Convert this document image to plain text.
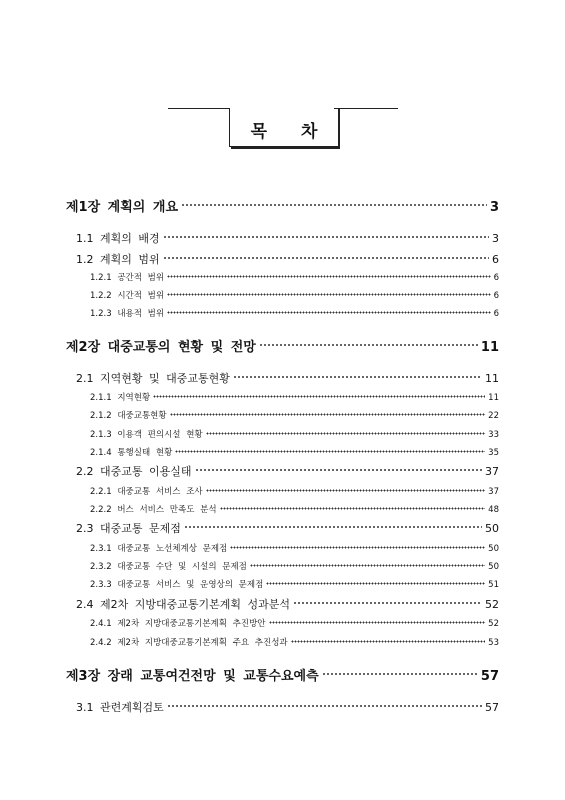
목 차
제1장 계획의 개요	3
1.1 계획의 배경	3
1.2 계획의 범위	6
1.2.1 공간적 범위	6
1.2.2 시간적 범위	6
1.2.3 내용적 범위	6
제2장 대중교통의 현황 및 전망	11
2.1 지역현황 및 대중교통현황	11
2.1.1 지역현황	11
2.1.2 대중교통현황	22
2.1.3 이용객 편의시설 현황	33
2.1.4 통행실태 현황	35
2.2 대중교통 이용실태	37
2.2.1 대중교통 서비스 조사	37
2.2.2 버스 서비스 만족도 분석	48
2.3 대중교통 문제점	50
2.3.1 대중교통 노선체계상 문제점	50
2.3.2 대중교통 수단 및 시설의 문제점	50
2.3.3 대중교통 서비스 및 운영상의 문제점	51
2.4 제2차 지방대중교통기본계획 성과분석	52
2.4.1 제2차 지방대중교통기본계획 추진방안	52
2.4.2 제2차 지방대중교통기본계획 주요 추진성과	53
제3장 장래 교통여건전망 및 교통수요예측	57
3.1 관련계획검토	57
